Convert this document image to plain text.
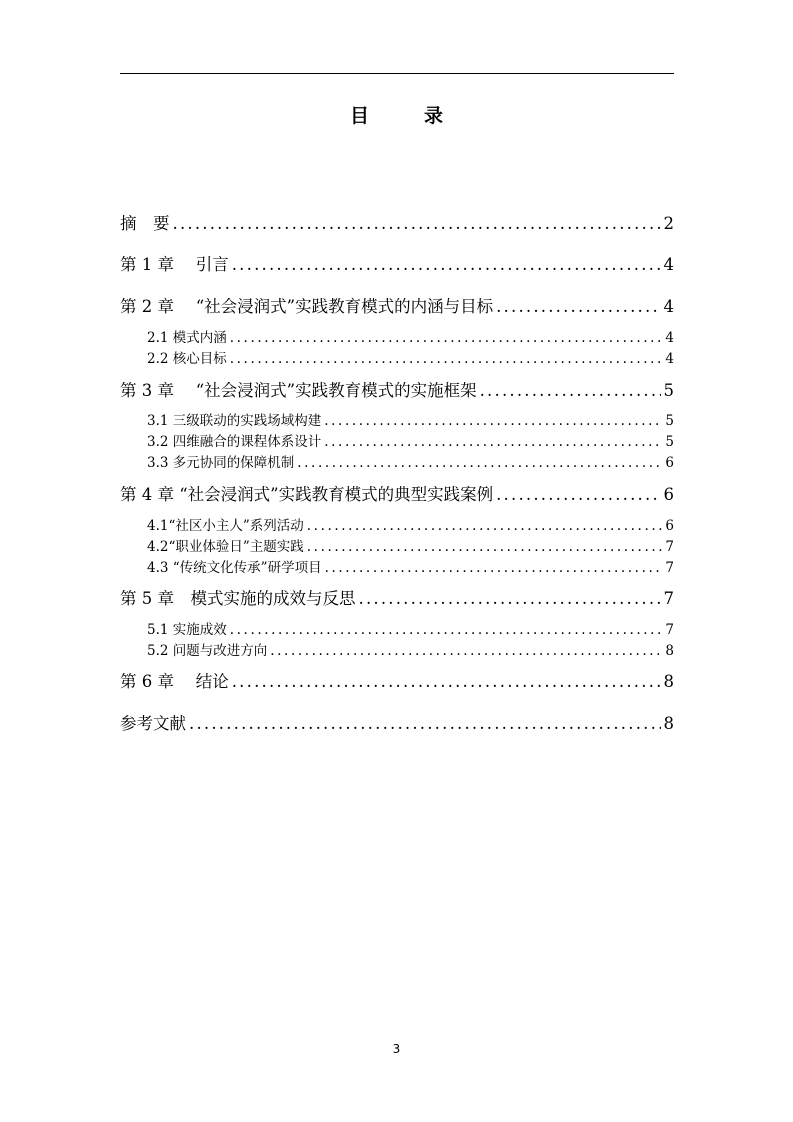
目　录
摘　要 .....	2
第 1 章　 引言 .....	4
第 2 章　 “社会浸润式”实践教育模式的内涵与目标 .....	4
2.1 模式内涵 .....	4
2.2 核心目标 .....	4
第 3 章　 “社会浸润式”实践教育模式的实施框架 .....	5
3.1 三级联动的实践场域构建 .....	5
3.2 四维融合的课程体系设计 .....	5
3.3 多元协同的保障机制 .....	6
第 4 章 “社会浸润式”实践教育模式的典型实践案例 .....	6
4.1“社区小主人”系列活动 .....	6
4.2“职业体验日”主题实践 .....	7
4.3 “传统文化传承”研学项目 .....	7
第 5 章　模式实施的成效与反思 .....	7
5.1 实施成效 .....	7
5.2 问题与改进方向 .....	8
第 6 章　 结论 .....	8
参考文献 .....	8
3
